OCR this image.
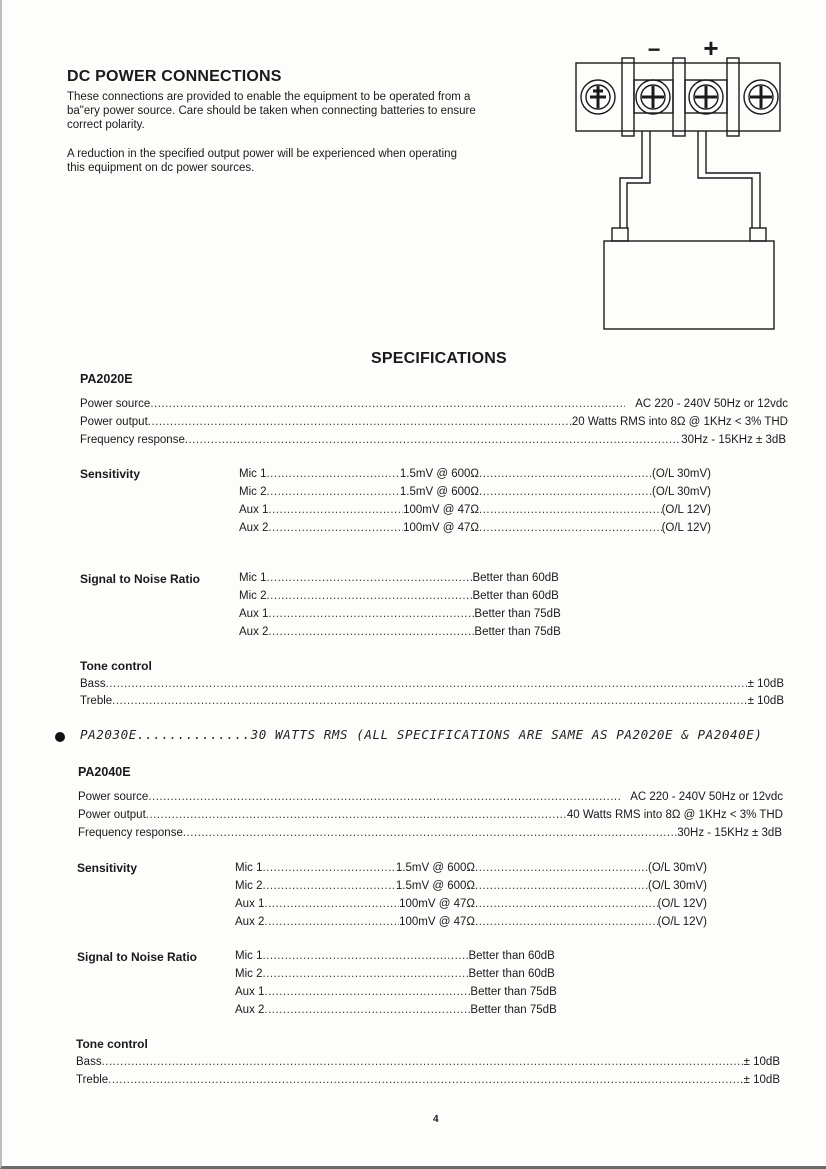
DC POWER CONNECTIONS
These connections are provided to enable the equipment to be operated from a
ba"ery power source. Care should be taken when connecting batteries to ensure
correct polarity.
A reduction in the specified output power will be experienced when operating
this equipment on dc power sources.
− +
SPECIFICATIONS
PA2020E
Power source .....	AC 220 - 240V 50Hz or 12vdc
Power output .....	20 Watts RMS into 8Ω @ 1KHz < 3% THD
Frequency response .....	30Hz - 15KHz ± 3dB
Sensitivity	Mic 1 .....	1.5mV @ 600Ω .....	(O/L 30mV)
Mic 2 .....	1.5mV @ 600Ω .....	(O/L 30mV)
Aux 1 .....	100mV @ 47Ω .....	(O/L 12V)
Aux 2 .....	100mV @ 47Ω .....	(O/L 12V)
Signal to Noise Ratio	Mic 1 .....	Better than 60dB
Mic 2 .....	Better than 60dB
Aux 1 .....	Better than 75dB
Aux 2 .....	Better than 75dB
Tone control
Bass .....	± 10dB
Treble .....	± 10dB
PA2030E..............30 WATTS RMS (ALL SPECIFICATIONS ARE SAME AS PA2020E & PA2040E)
PA2040E
Power source .....	AC 220 - 240V 50Hz or 12vdc
Power output .....	40 Watts RMS into 8Ω @ 1KHz < 3% THD
Frequency response .....	30Hz - 15KHz ± 3dB
Sensitivity	Mic 1 .....	1.5mV @ 600Ω .....	(O/L 30mV)
Mic 2 .....	1.5mV @ 600Ω .....	(O/L 30mV)
Aux 1 .....	100mV @ 47Ω .....	(O/L 12V)
Aux 2 .....	100mV @ 47Ω .....	(O/L 12V)
Signal to Noise Ratio	Mic 1 .....	Better than 60dB
Mic 2 .....	Better than 60dB
Aux 1 .....	Better than 75dB
Aux 2 .....	Better than 75dB
Tone control
Bass .....	± 10dB
Treble .....	± 10dB
4
